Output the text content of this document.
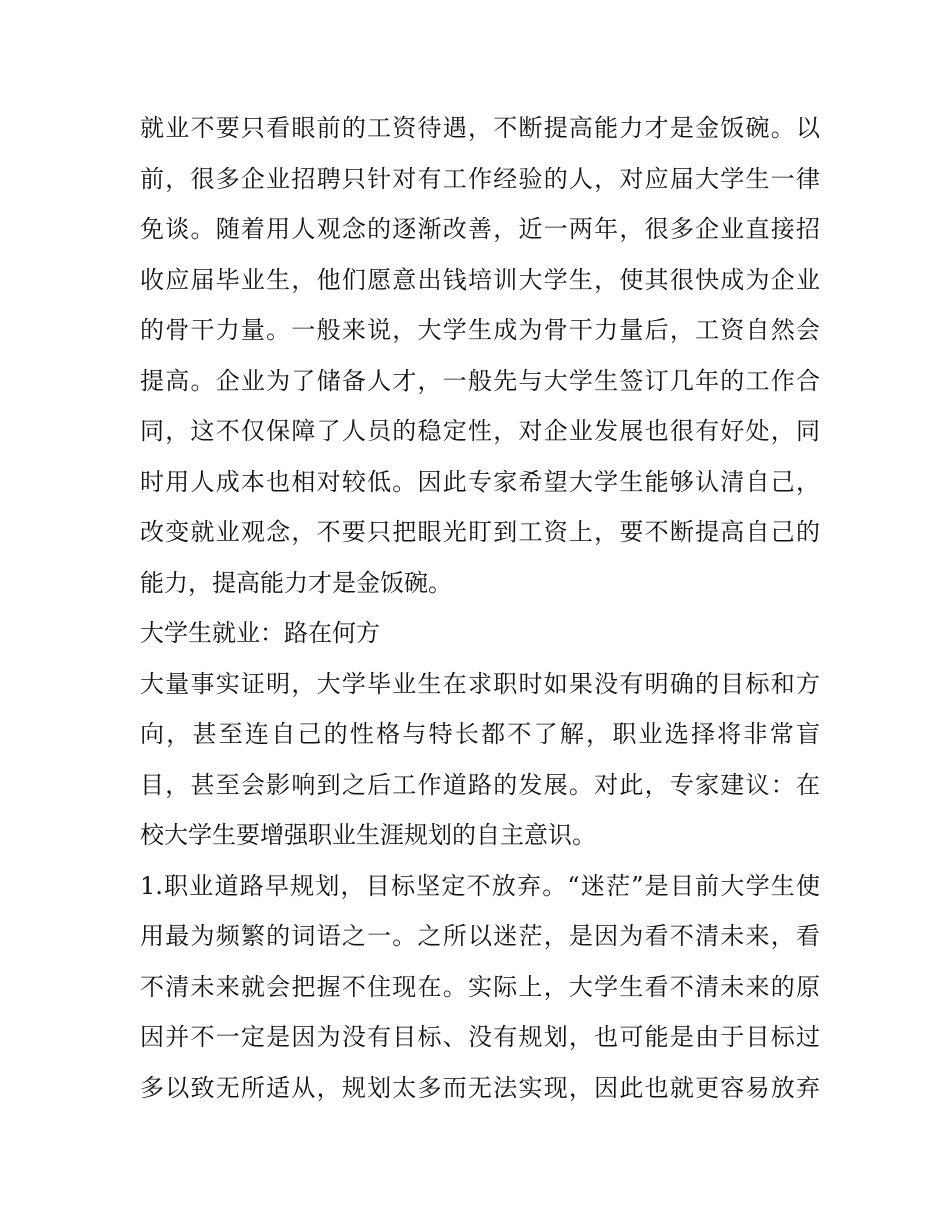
就业不要只看眼前的工资待遇，不断提高能力才是金饭碗。以
前，很多企业招聘只针对有工作经验的人，对应届大学生一律
免谈。随着用人观念的逐渐改善，近一两年，很多企业直接招
收应届毕业生，他们愿意出钱培训大学生，使其很快成为企业
的骨干力量。一般来说，大学生成为骨干力量后，工资自然会
提高。企业为了储备人才，一般先与大学生签订几年的工作合
同，这不仅保障了人员的稳定性，对企业发展也很有好处，同
时用人成本也相对较低。因此专家希望大学生能够认清自己，
改变就业观念，不要只把眼光盯到工资上，要不断提高自己的
能力，提高能力才是金饭碗。
大学生就业：路在何方
大量事实证明，大学毕业生在求职时如果没有明确的目标和方
向，甚至连自己的性格与特长都不了解，职业选择将非常盲
目，甚至会影响到之后工作道路的发展。对此，专家建议：在
校大学生要增强职业生涯规划的自主意识。
1.职业道路早规划，目标坚定不放弃。“迷茫”是目前大学生使
用最为频繁的词语之一。之所以迷茫，是因为看不清未来，看
不清未来就会把握不住现在。实际上，大学生看不清未来的原
因并不一定是因为没有目标、没有规划，也可能是由于目标过
多以致无所适从，规划太多而无法实现，因此也就更容易放弃
